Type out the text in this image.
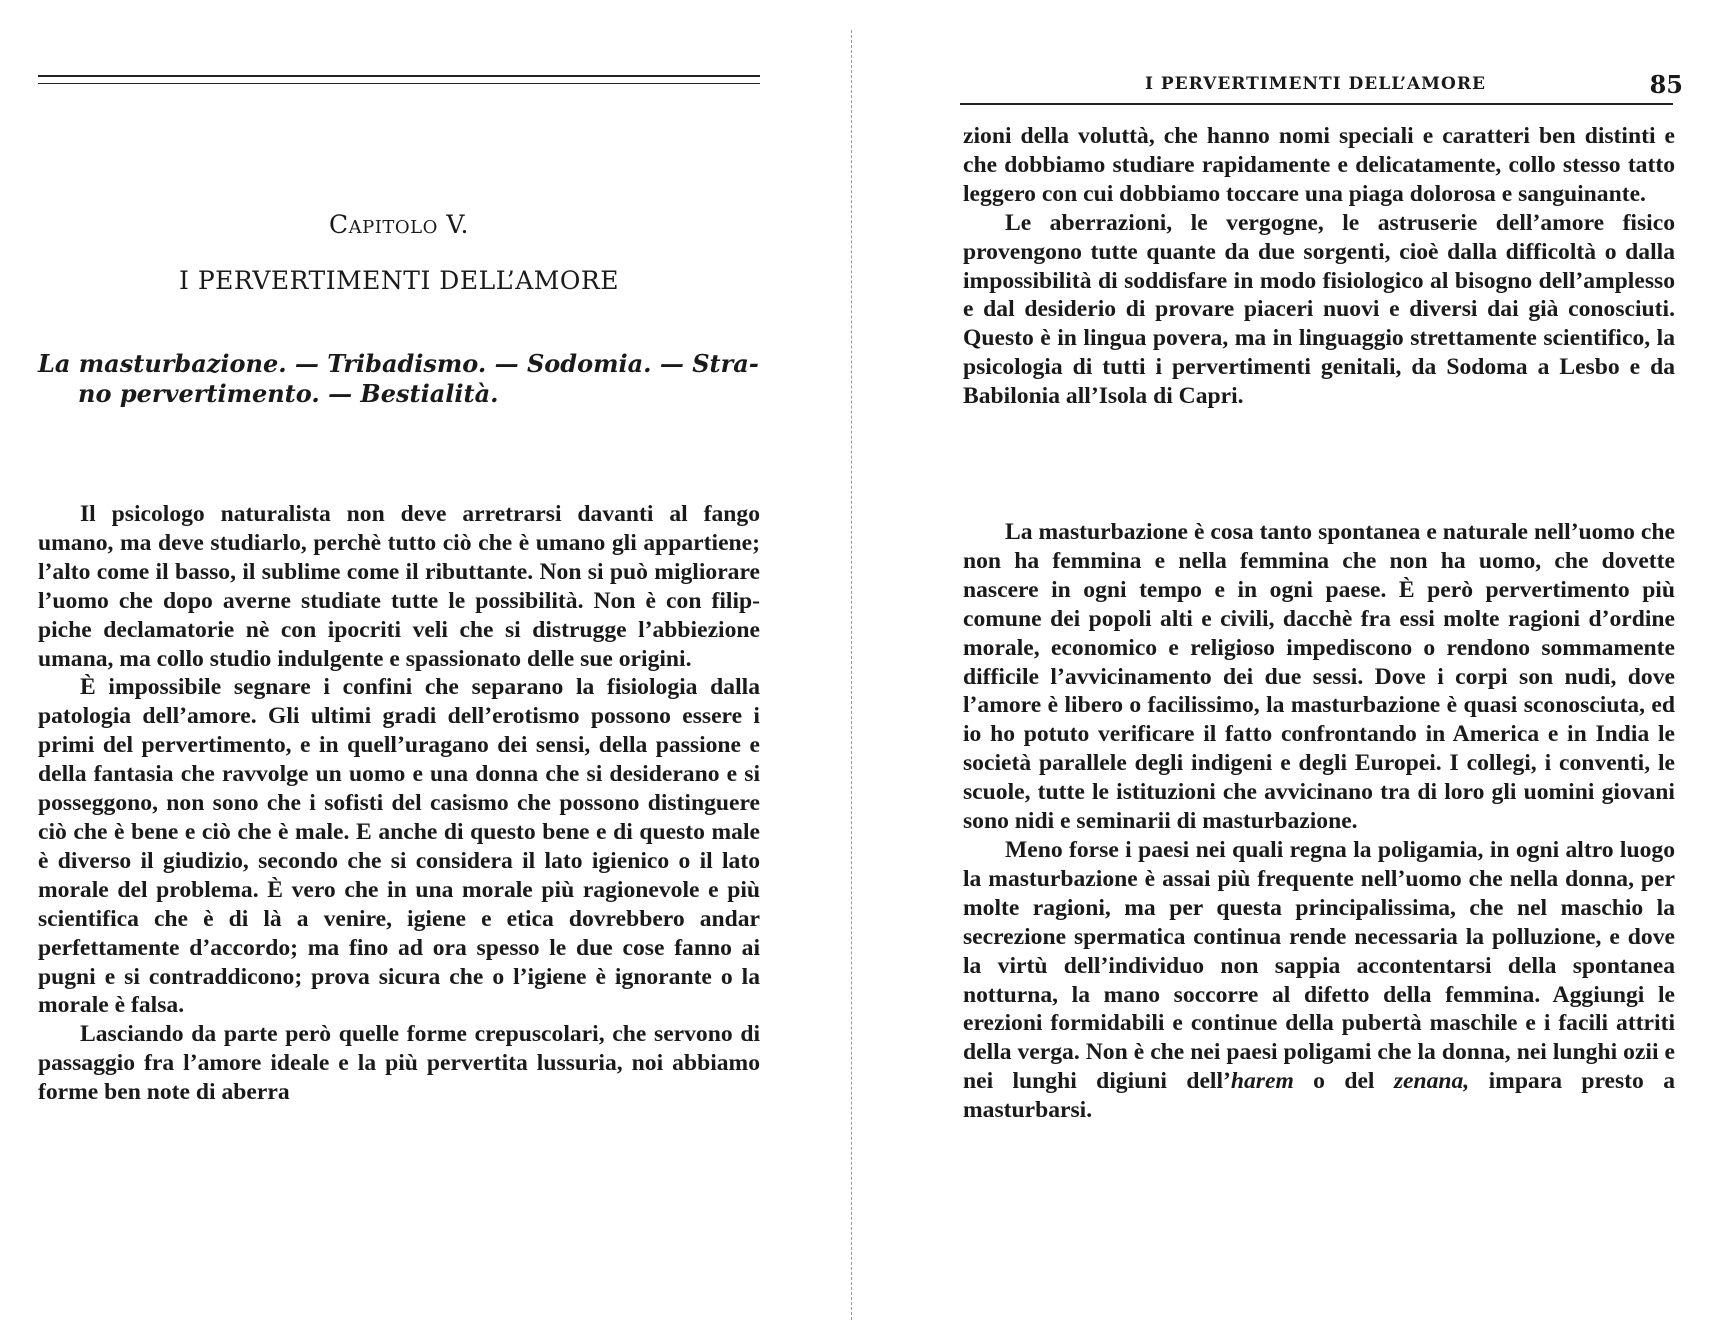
Capitolo V.
I PERVERTIMENTI DELL’AMORE
La masturbazione. — Tribadismo. — Sodomia. — Stra-
no pervertimento. — Bestialità.

Il psicologo naturalista non deve arretrarsi davanti al fango umano, ma deve studiarlo, perchè tutto ciò che è umano gli appartiene; l’alto come il basso, il sublime come il ributtante. Non si può migliorare l’uomo che dopo averne studiate tutte le possibilità. Non è con filippiche declamatorie nè con ipocriti veli che si distrugge l’abbiezione umana, ma collo studio indulgente e spassionato delle sue origini.

È impossibile segnare i confini che separano la fisiologia dalla patologia dell’amore. Gli ultimi gradi dell’erotismo possono essere i primi del pervertimento, e in quell’uragano dei sensi, della passione e della fantasia che ravvolge un uomo e una donna che si desiderano e si posseggono, non sono che i sofisti del casismo che possono distinguere ciò che è bene e ciò che è male. E anche di questo bene e di questo male è diverso il giudizio, secondo che si considera il lato igienico o il lato morale del problema. È vero che in una morale più ragionevole e più scientifica che è di là a venire, igiene e etica dovrebbero andar perfettamente d’accordo; ma fino ad ora spesso le due cose fanno ai pugni e si contraddicono; prova sicura che o l’igiene è ignorante o la morale è falsa.

Lasciando da parte però quelle forme crepuscolari, che servono di passaggio fra l’amore ideale e la più pervertita lussuria, noi abbiamo forme ben note di aberra

I PERVERTIMENTI DELL’AMORE	85

zioni della voluttà, che hanno nomi speciali e caratteri ben distinti e che dobbiamo studiare rapidamente e delicatamente, collo stesso tatto leggero con cui dobbiamo toccare una piaga dolorosa e sanguinante.

Le aberrazioni, le vergogne, le astruserie dell’amore fisico provengono tutte quante da due sorgenti, cioè dalla difficoltà o dalla impossibilità di soddisfare in modo fisiologico al bisogno dell’amplesso e dal desiderio di provare piaceri nuovi e diversi dai già conosciuti. Questo è in lingua povera, ma in linguaggio strettamente scientifico, la psicologia di tutti i pervertimenti genitali, da Sodoma a Lesbo e da Babilonia all’Isola di Capri.

La masturbazione è cosa tanto spontanea e naturale nell’uomo che non ha femmina e nella femmina che non ha uomo, che dovette nascere in ogni tempo e in ogni paese. È però pervertimento più comune dei popoli alti e civili, dacchè fra essi molte ragioni d’ordine morale, economico e religioso impediscono o rendono sommamente difficile l’avvicinamento dei due sessi. Dove i corpi son nudi, dove l’amore è libero o facilissimo, la masturbazione è quasi sconosciuta, ed io ho potuto verificare il fatto confrontando in America e in India le società parallele degli indigeni e degli Europei. I collegi, i conventi, le scuole, tutte le istituzioni che avvicinano tra di loro gli uomini giovani sono nidi e seminarii di masturbazione.

Meno forse i paesi nei quali regna la poligamia, in ogni altro luogo la masturbazione è assai più frequente nell’uomo che nella donna, per molte ragioni, ma per questa principalissima, che nel maschio la secrezione spermatica continua rende necessaria la polluzione, e dove la virtù dell’individuo non sappia accontentarsi della spontanea notturna, la mano soccorre al difetto della femmina. Aggiungi le erezioni formidabili e continue della pubertà maschile e i facili attriti della verga. Non è che nei paesi poligami che la donna, nei lunghi ozii e nei lunghi digiuni dell’harem o del zenana, impara presto a masturbarsi.
